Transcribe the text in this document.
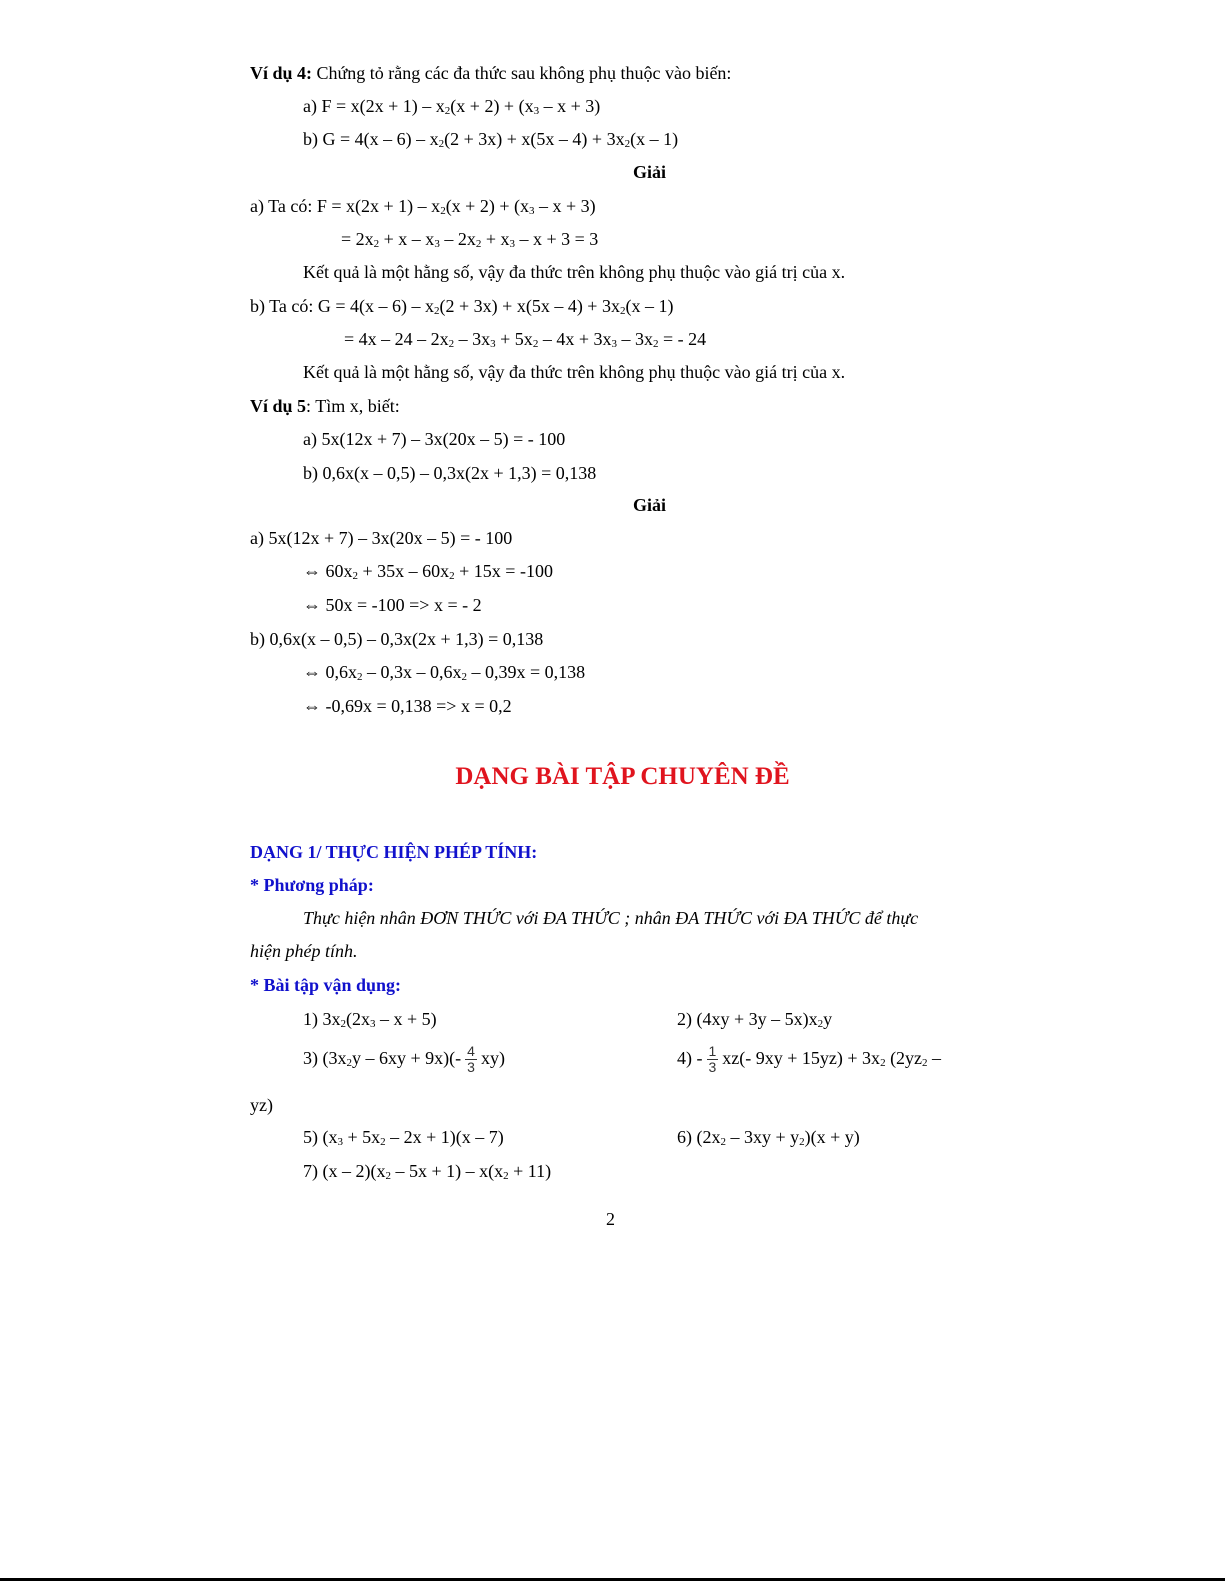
Ví dụ 4: Chứng tỏ rằng các đa thức sau không phụ thuộc vào biến:
a) F = x(2x + 1) – x2(x + 2) + (x3 – x + 3)
b) G = 4(x – 6) – x2(2 + 3x) + x(5x – 4) + 3x2(x – 1)
Giải
a) Ta có: F = x(2x + 1) – x2(x + 2) + (x3 – x + 3)
= 2x2 + x – x3 – 2x2 + x3 – x + 3 = 3
Kết quả là một hằng số, vậy đa thức trên không phụ thuộc vào giá trị của x.
b) Ta có: G = 4(x – 6) – x2(2 + 3x) + x(5x – 4) + 3x2(x – 1)
= 4x – 24 – 2x2 – 3x3 + 5x2 – 4x + 3x3 – 3x2 = - 24
Kết quả là một hằng số, vậy đa thức trên không phụ thuộc vào giá trị của x.
Ví dụ 5: Tìm x, biết:
a) 5x(12x + 7) – 3x(20x – 5) = - 100
b) 0,6x(x – 0,5) – 0,3x(2x + 1,3) = 0,138
Giải
a) 5x(12x + 7) – 3x(20x – 5) = - 100
⇔ 60x2 + 35x – 60x2 + 15x = -100
⇔ 50x = -100 => x = - 2
b) 0,6x(x – 0,5) – 0,3x(2x + 1,3) = 0,138
⇔ 0,6x2 – 0,3x – 0,6x2 – 0,39x = 0,138
⇔ -0,69x = 0,138 => x = 0,2
DẠNG BÀI TẬP CHUYÊN ĐỀ
DẠNG 1/ THỰC HIỆN PHÉP TÍNH:
* Phương pháp:
Thực hiện nhân ĐƠN THỨC với ĐA THỨC ; nhân ĐA THỨC với ĐA THỨC để thực
hiện phép tính.
* Bài tập vận dụng:
1) 3x2(2x3 – x + 5)	2) (4xy + 3y – 5x)x2y
3) $(3x2y - 6xy + 9x)(- \frac{4}{3} xy)$	$4) - \frac{1}{3} xz(-$ 9xy + 15yz) + 3x2 (2yz2 –
yz)
5) (x3 + 5x2 – 2x + 1)(x – 7)	6) (2x2 – 3xy + y2)(x + y)
7) (x – 2)(x2 – 5x + 1) – x(x2 + 11)
2
